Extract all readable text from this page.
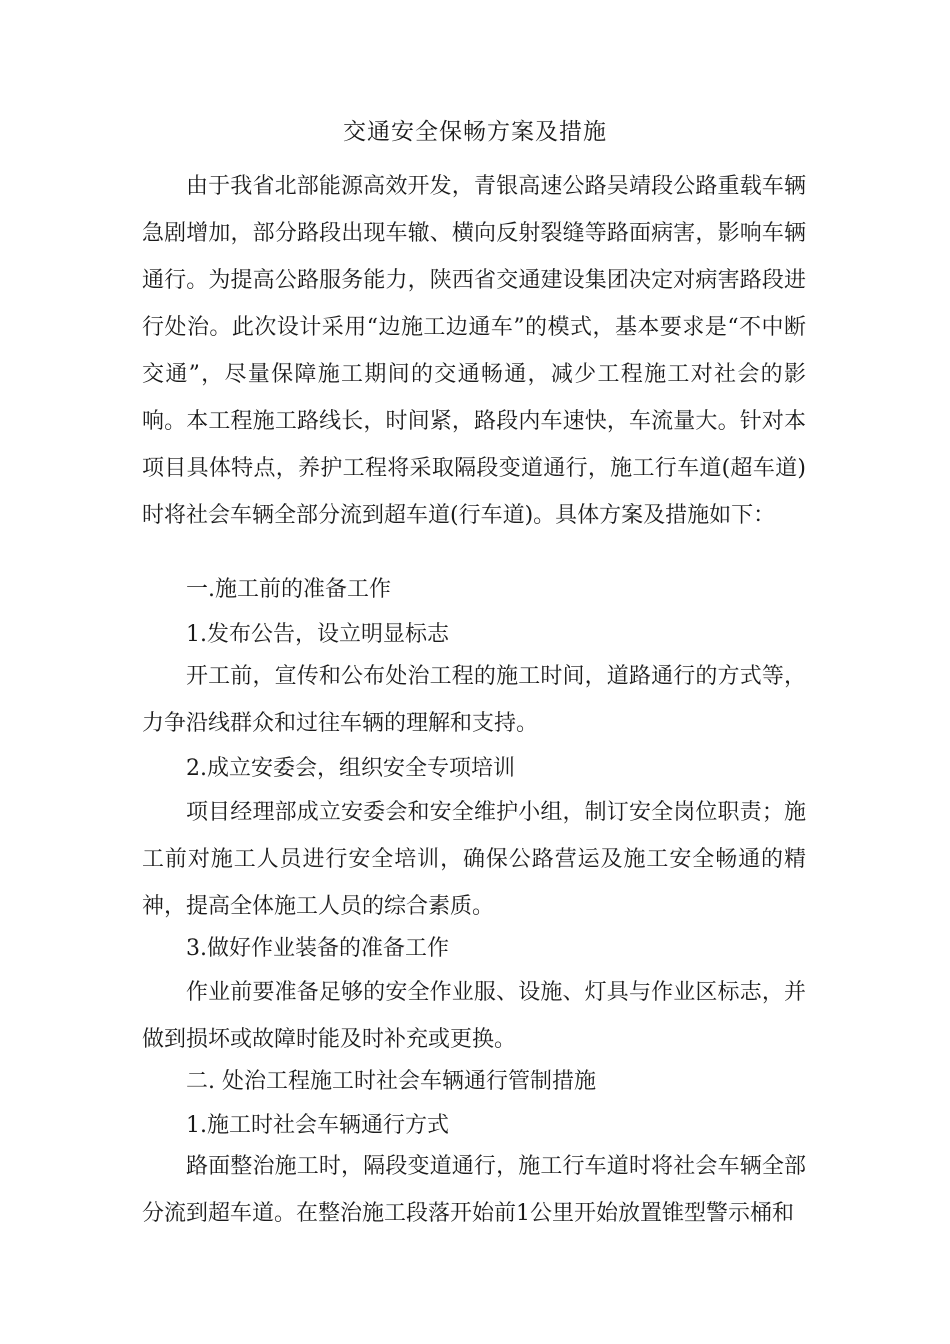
交通安全保畅方案及措施

由于我省北部能源高效开发，青银高速公路吴靖段公路重载车辆急剧增加，部分路段出现车辙、横向反射裂缝等路面病害，影响车辆通行。为提高公路服务能力，陕西省交通建设集团决定对病害路段进行处治。此次设计采用“边施工边通车”的模式，基本要求是“不中断交通”，尽量保障施工期间的交通畅通，减少工程施工对社会的影响。本工程施工路线长，时间紧，路段内车速快，车流量大。针对本项目具体特点，养护工程将采取隔段变道通行，施工行车道(超车道)时将社会车辆全部分流到超车道(行车道)。具体方案及措施如下：

一.施工前的准备工作

1.发布公告，设立明显标志

开工前，宣传和公布处治工程的施工时间，道路通行的方式等，力争沿线群众和过往车辆的理解和支持。

2.成立安委会，组织安全专项培训

项目经理部成立安委会和安全维护小组，制订安全岗位职责；施工前对施工人员进行安全培训，确保公路营运及施工安全畅通的精神，提高全体施工人员的综合素质。

3.做好作业装备的准备工作

作业前要准备足够的安全作业服、设施、灯具与作业区标志，并做到损坏或故障时能及时补充或更换。

二. 处治工程施工时社会车辆通行管制措施

1.施工时社会车辆通行方式

路面整治施工时，隔段变道通行，施工行车道时将社会车辆全部分流到超车道。在整治施工段落开始前1公里开始放置锥型警示桶和
